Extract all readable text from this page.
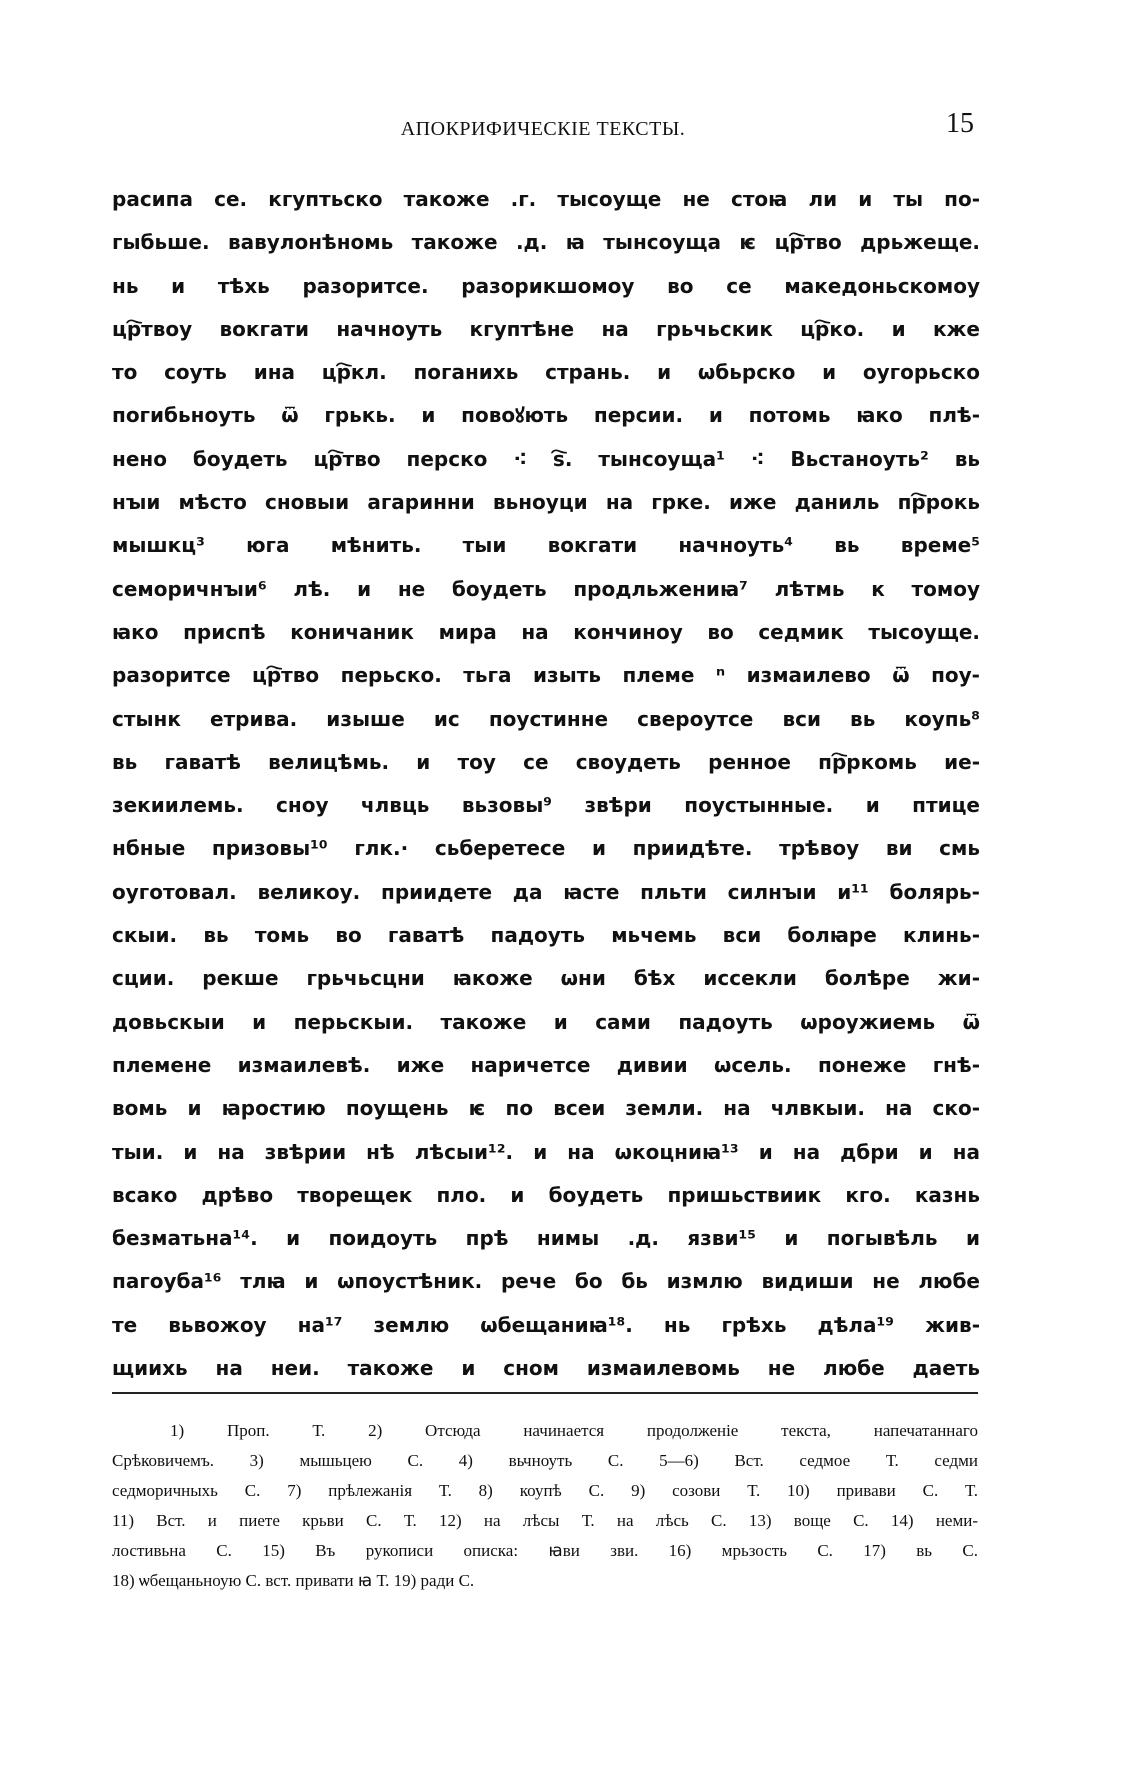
АПОКРИФИЧЕСКІЕ ТЕКСТЫ.	15
расипа се. кгуптьско такоже .г. тысоуще не стоꙗ ли и ты по-
гыбьше. вавулонѣномь такоже .д. ꙗ тынсоуща ѥ цр҇тво дрьжеще.
нь и тѣхь разоритсе. разорикшомоу во се македоньскомоу
цр҇твоу вокгати начноуть кгуптѣне на грьчьскик цр҇ко. и кже
то соуть ина цр҇кл. поганихь странь. и ѡбьрско и оугорьско
погибьноуть ѿ грькь. и повоꙋють персии. и потомь ꙗко плѣ-
нено боудеть цр҇тво перско ⁖ ѕ҇. тынсоуща¹ ⁖ Вьстаноуть² вь
нꙑи мѣсто сновыи агаринни вьноуци на грке. иже даниль пр҇рокь
мышкц³ юга мѣнить. тыи вокгати начноуть⁴ вь време⁵
семоричнꙑи⁶ лѣ. и не боудеть продльжениꙗ⁷ лѣтмь к томоу
ꙗко приспѣ коничаник мира на кончиноу во седмик тысоуще.
разоритсе цр҇тво перьско. тьга изыть племе ⁿ измаилево ѿ поу-
стынк етрива. изыше ис поустинне свероутсе вси вь коупь⁸
вь гаватѣ велицѣмь. и тоу се своудеть ренное пр҇ркомь ие-
зекиилемь. сноу члвць вьзовы⁹ звѣри поустынные. и птице
нбные призовы¹⁰ глк.· сьберетесе и приидѣте. трѣвоу ви смь
оуготовал. великоу. приидете да ꙗсте пльти силнꙑи и¹¹ болярь-
скыи. вь томь во гаватѣ падоуть мьчемь вси болꙗре клинь-
сции. рекше грьчьсцни ꙗкоже ѡни бѣх иссекли болѣре жи-
довьскыи и перьскыи. такоже и сами падоуть ѡроужиемь ѿ
племене измаилевѣ. иже наричетсе дивии ѡсель. понеже гнѣ-
вомь и ꙗростию поущень ѥ по всеи земли. на члвкыи. на ско-
тыи. и на звѣрии нѣ лѣсыи¹². и на ѡкоцниꙗ¹³ и на дбри и на
всако дрѣво творещек пло. и боудеть пришьствиик кго. казнь
безматьна¹⁴. и поидоуть прѣ нимы .д. язви¹⁵ и погывѣль и
пагоуба¹⁶ тлꙗ и ѡпоустѣник. рече бо бь измлю видиши не любе
те вьвожоу на¹⁷ землю ѡбещаниꙗ¹⁸. нь грѣхь дѣла¹⁹ жив-
щиихь на неи. такоже и сном измаилевомь не любе даеть
1) Проп. Т. 2) Отсюда начинается продолженіе текста, напечатаннаго
Срѣковичемъ. 3) мышьцею С. 4) вьчноуть С. 5—6) Вст. седмое Т. седми
седморичныхь С. 7) прѣлежанія Т. 8) коупѣ С. 9) созови Т. 10) привави С. Т.
11) Вст. и пиете крьви С. Т. 12) на лѣсы Т. на лѣсь С. 13) воще С. 14) неми-
лостивьна С. 15) Въ рукописи описка: ꙗви зви. 16) мрьзость С. 17) вь С.
18) ѡбещаньноую С. вст. привати ꙗ Т. 19) ради С.
